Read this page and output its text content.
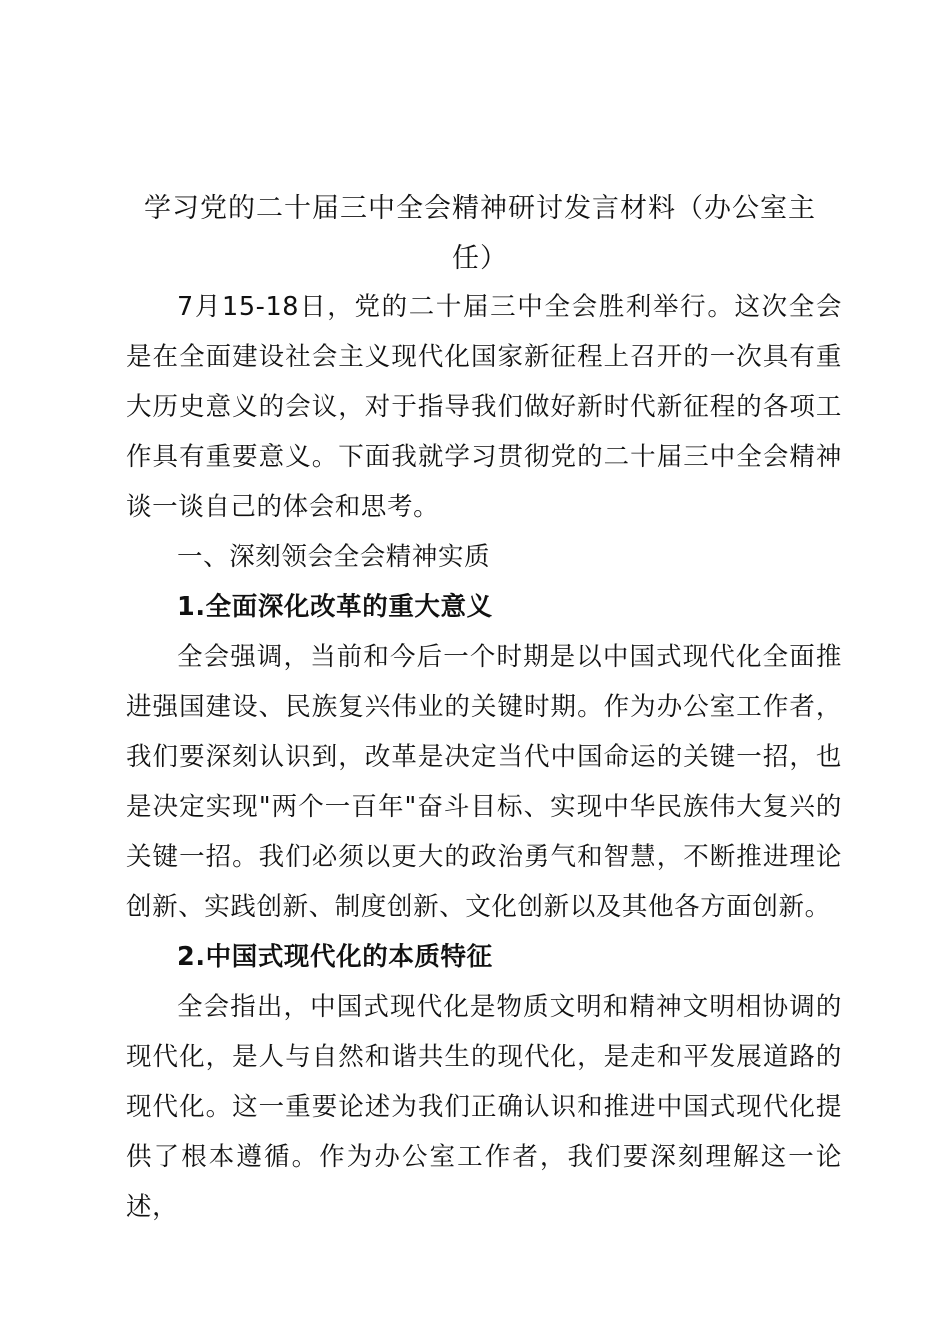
学习党的二十届三中全会精神研讨发言材料（办公室主任）

7月15-18日，党的二十届三中全会胜利举行。这次全会是在全面建设社会主义现代化国家新征程上召开的一次具有重大历史意义的会议，对于指导我们做好新时代新征程的各项工作具有重要意义。下面我就学习贯彻党的二十届三中全会精神谈一谈自己的体会和思考。

一、深刻领会全会精神实质

1.全面深化改革的重大意义

全会强调，当前和今后一个时期是以中国式现代化全面推进强国建设、民族复兴伟业的关键时期。作为办公室工作者，我们要深刻认识到，改革是决定当代中国命运的关键一招，也是决定实现"两个一百年"奋斗目标、实现中华民族伟大复兴的关键一招。我们必须以更大的政治勇气和智慧，不断推进理论创新、实践创新、制度创新、文化创新以及其他各方面创新。

2.中国式现代化的本质特征

全会指出，中国式现代化是物质文明和精神文明相协调的现代化，是人与自然和谐共生的现代化，是走和平发展道路的现代化。这一重要论述为我们正确认识和推进中国式现代化提供了根本遵循。作为办公室工作者，我们要深刻理解这一论述，
